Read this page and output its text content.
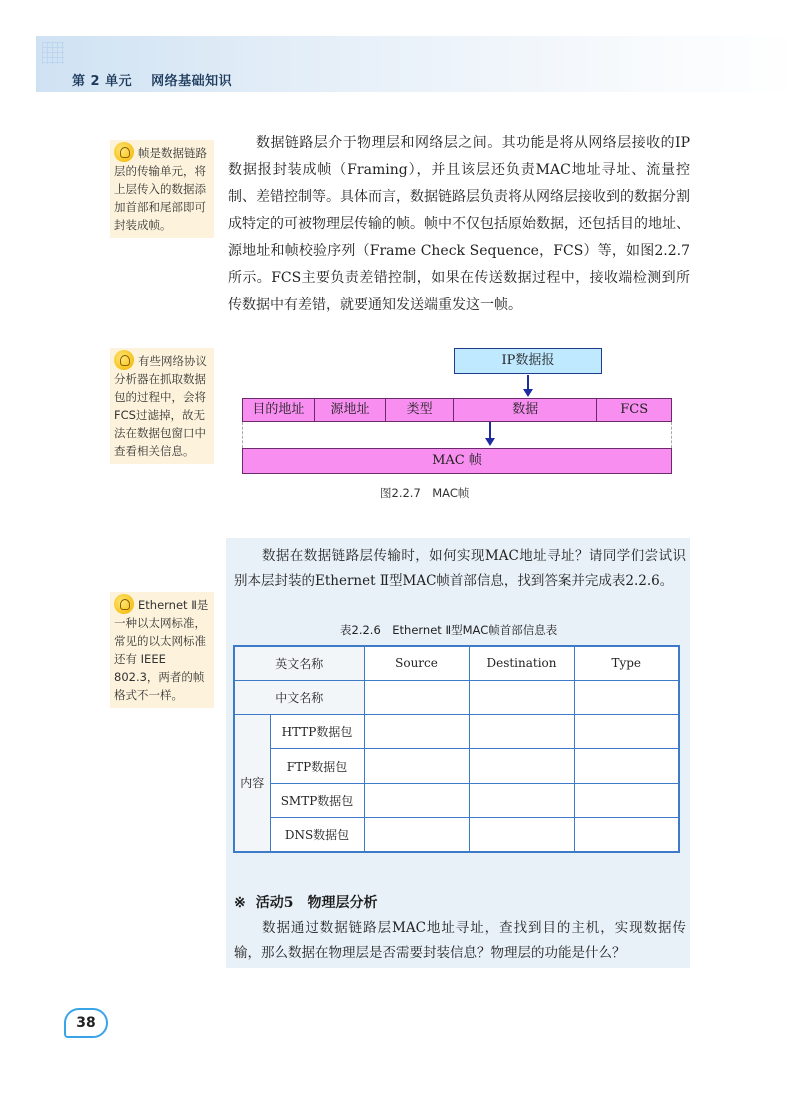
第 2 单元 网络基础知识
帧是数据链路层的传输单元，将上层传入的数据添加首部和尾部即可封装成帧。
数据链路层介于物理层和网络层之间。其功能是将从网络层接收的IP数据报封装成帧（Framing），并且该层还负责MAC地址寻址、流量控制、差错控制等。具体而言，数据链路层负责将从网络层接收到的数据分割成特定的可被物理层传输的帧。帧中不仅包括原始数据，还包括目的地址、源地址和帧校验序列（Frame Check Sequence，FCS）等，如图2.2.7所示。FCS主要负责差错控制，如果在传送数据过程中，接收端检测到所传数据中有差错，就要通知发送端重发这一帧。
有些网络协议分析器在抓取数据包的过程中，会将FCS过滤掉，故无法在数据包窗口中查看相关信息。
IP数据报
目的地址	源地址	类型	数据	FCS
MAC 帧
图2.2.7　MAC帧
数据在数据链路层传输时，如何实现MAC地址寻址？请同学们尝试识别本层封装的Ethernet Ⅱ型MAC帧首部信息，找到答案并完成表2.2.6。
Ethernet Ⅱ是一种以太网标准，常见的以太网标准还有 IEEE 802.3，两者的帧格式不一样。
表2.2.6　Ethernet Ⅱ型MAC帧首部信息表
英文名称		Source	Destination	Type
中文名称				
内容	HTTP数据包			
	FTP数据包			
	SMTP数据包			
	DNS数据包			
※ 活动5　物理层分析
数据通过数据链路层MAC地址寻址，查找到目的主机，实现数据传输，那么数据在物理层是否需要封装信息？物理层的功能是什么？
38
